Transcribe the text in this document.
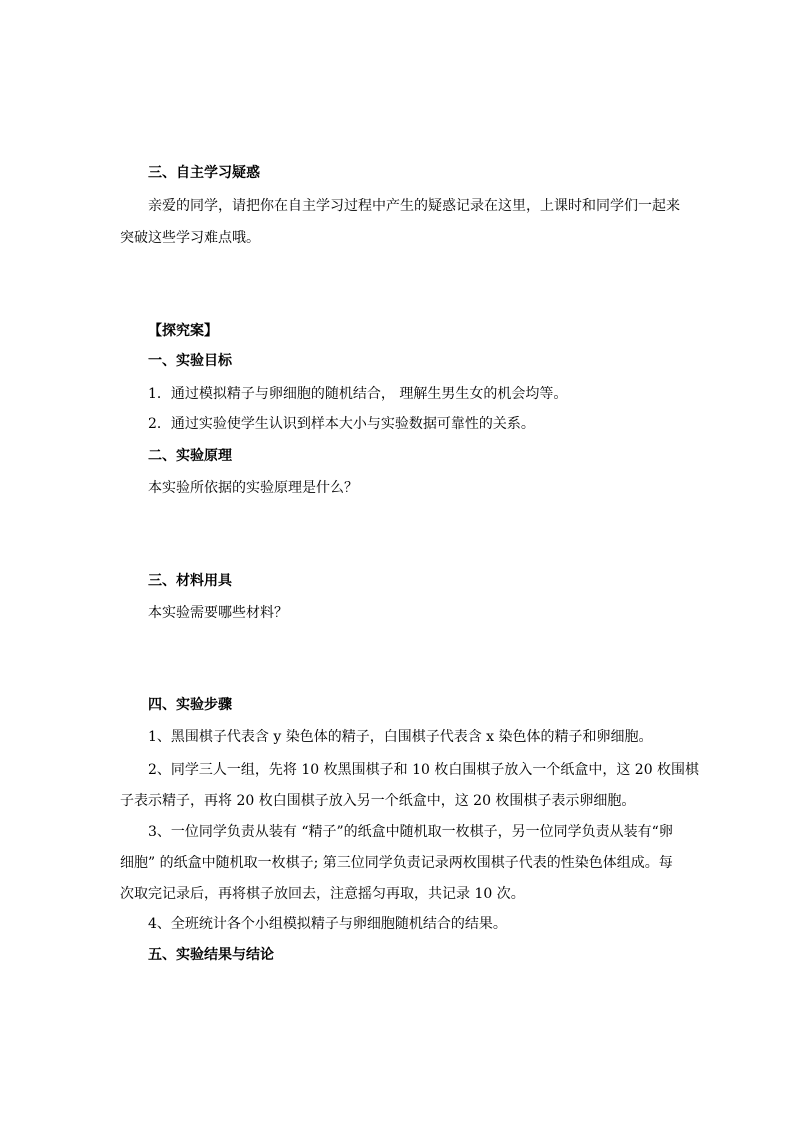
三、自主学习疑惑
亲爱的同学，请把你在自主学习过程中产生的疑惑记录在这里，上课时和同学们一起来
突破这些学习难点哦。
【探究案】
一、实验目标
1．通过模拟精子与卵细胞的随机结合， 理解生男生女的机会均等。
2．通过实验使学生认识到样本大小与实验数据可靠性的关系。
二、实验原理
本实验所依据的实验原理是什么？
三、材料用具
本实验需要哪些材料？
四、实验步骤
1、黑围棋子代表含 y 染色体的精子，白围棋子代表含 x 染色体的精子和卵细胞。
2、同学三人一组，先将 10 枚黑围棋子和 10 枚白围棋子放入一个纸盒中，这 20 枚围棋
子表示精子，再将 20 枚白围棋子放入另一个纸盒中，这 20 枚围棋子表示卵细胞。
3、一位同学负责从装有 “精子”的纸盒中随机取一枚棋子，另一位同学负责从装有“卵
细胞” 的纸盒中随机取一枚棋子; 第三位同学负责记录两枚围棋子代表的性染色体组成。每
次取完记录后，再将棋子放回去，注意摇匀再取，共记录 10 次。
4、全班统计各个小组模拟精子与卵细胞随机结合的结果。
五、实验结果与结论
